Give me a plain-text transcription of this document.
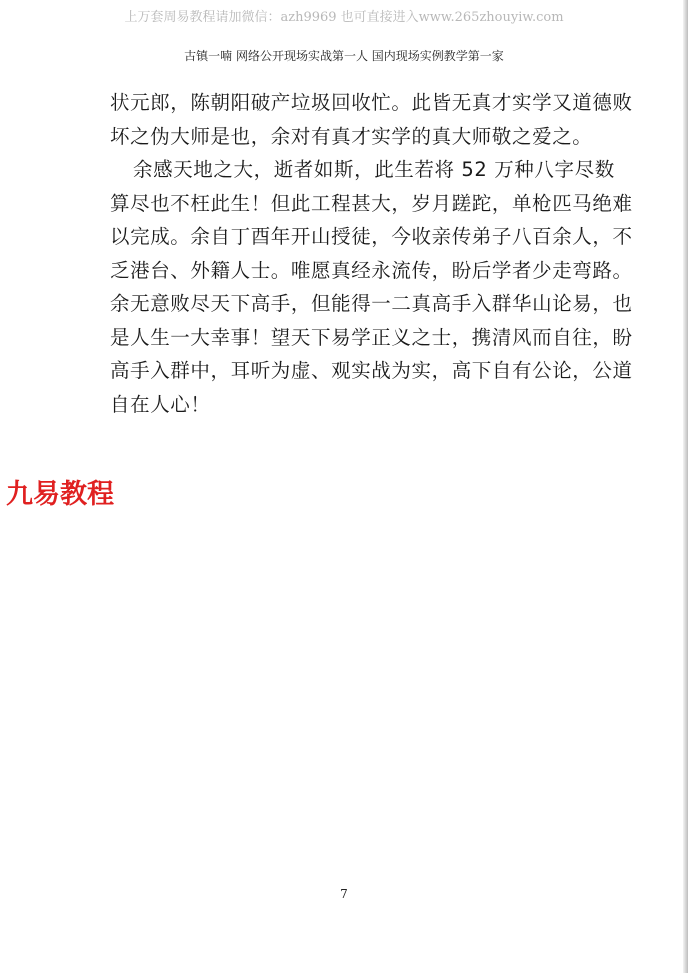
上万套周易教程请加微信：azh9969 也可直接进入www.265zhouyiw.com
古镇一喃 网络公开现场实战第一人 国内现场实例教学第一家
状元郎，陈朝阳破产垃圾回收忙。此皆无真才实学又道德败
坏之伪大师是也，余对有真才实学的真大师敬之爱之。
余感天地之大，逝者如斯，此生若将 52 万种八字尽数
算尽也不枉此生！但此工程甚大，岁月蹉跎，单枪匹马绝难
以完成。余自丁酉年开山授徒，今收亲传弟子八百余人，不
乏港台、外籍人士。唯愿真经永流传，盼后学者少走弯路。
余无意败尽天下高手，但能得一二真高手入群华山论易，也
是人生一大幸事！望天下易学正义之士，携清风而自往，盼
高手入群中，耳听为虚、观实战为实，高下自有公论，公道
自在人心！
九易教程
7
